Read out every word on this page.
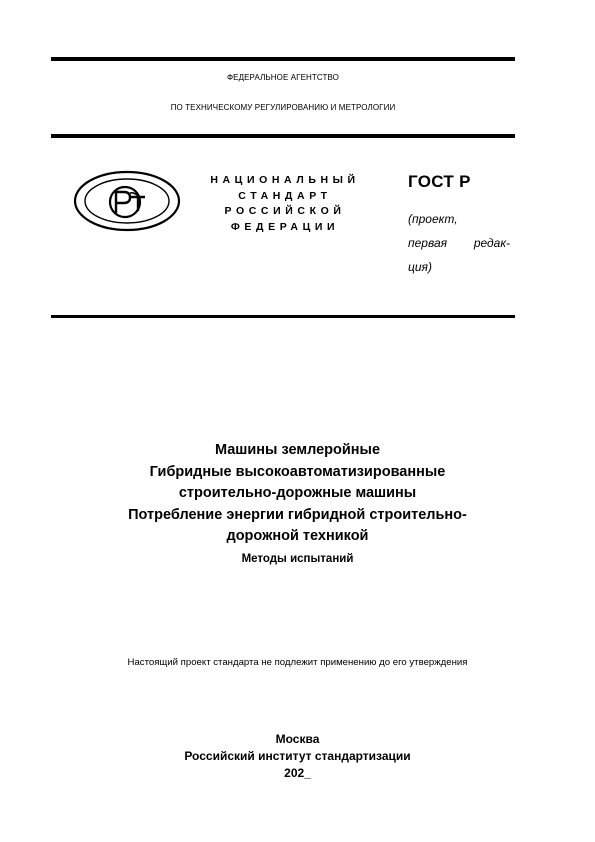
ФЕДЕРАЛЬНОЕ АГЕНТСТВО
ПО ТЕХНИЧЕСКОМУ РЕГУЛИРОВАНИЮ И МЕТРОЛОГИИ
НАЦИОНАЛЬНЫЙ
СТАНДАРТ
РОССИЙСКОЙ
ФЕДЕРАЦИИ
ГОСТ Р
(проект,
первая редак-
ция)
Машины землеройные
Гибридные высокоавтоматизированные
строительно-дорожные машины
Потребление энергии гибридной строительно-
дорожной техникой
Методы испытаний
Настоящий проект стандарта не подлежит применению до его утверждения
Москва
Российский институт стандартизации
202_
